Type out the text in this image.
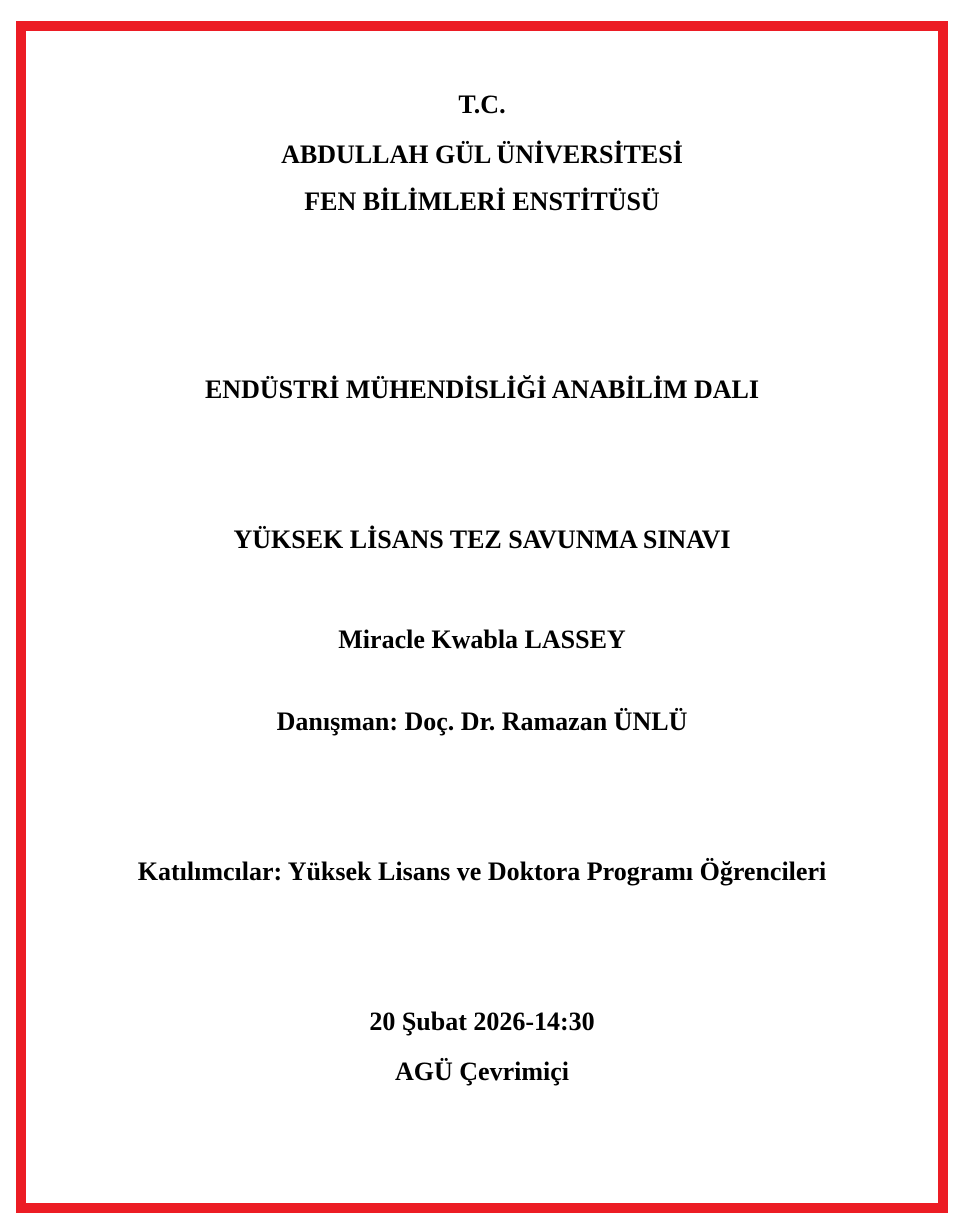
T.C.
ABDULLAH GÜL ÜNİVERSİTESİ
FEN BİLİMLERİ ENSTİTÜSÜ
ENDÜSTRİ MÜHENDİSLİĞİ ANABİLİM DALI
YÜKSEK LİSANS TEZ SAVUNMA SINAVI
Miracle Kwabla LASSEY
Danışman: Doç. Dr. Ramazan ÜNLÜ
Katılımcılar: Yüksek Lisans ve Doktora Programı Öğrencileri
20 Şubat 2026-14:30
AGÜ Çevrimiçi
